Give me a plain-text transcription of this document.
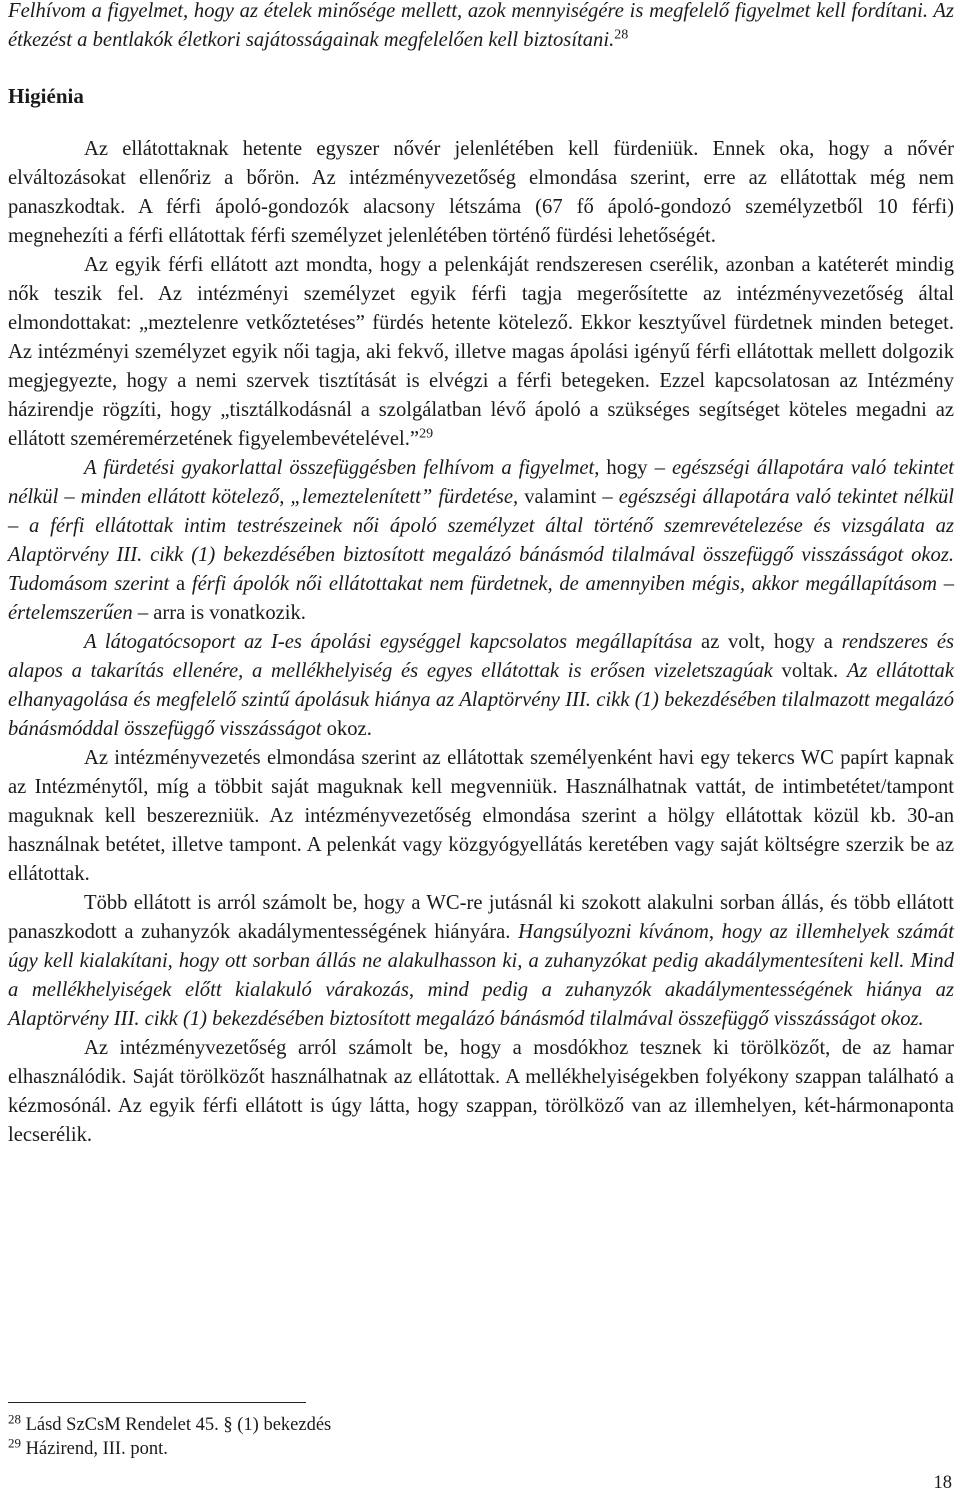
Felhívom a figyelmet, hogy az ételek minősége mellett, azok mennyiségére is megfelelő figyelmet kell fordítani. Az étkezést a bentlakók életkori sajátosságainak megfelelően kell biztosítani.$^{28}$

Higiénia

Az ellátottaknak hetente egyszer nővér jelenlétében kell fürdeniük. Ennek oka, hogy a nővér elváltozásokat ellenőriz a bőrön. Az intézményvezetőség elmondása szerint, erre az ellátottak még nem panaszkodtak. A férfi ápoló-gondozók alacsony létszáma (67 fő ápoló-gondozó személyzetből 10 férfi) megnehezíti a férfi ellátottak férfi személyzet jelenlétében történő fürdési lehetőségét.

Az egyik férfi ellátott azt mondta, hogy a pelenkáját rendszeresen cserélik, azonban a katéterét mindig nők teszik fel. Az intézményi személyzet egyik férfi tagja megerősítette az intézményvezetőség által elmondottakat: „meztelenre vetkőztetéses” fürdés hetente kötelező. Ekkor kesztyűvel fürdetnek minden beteget. Az intézményi személyzet egyik női tagja, aki fekvő, illetve magas ápolási igényű férfi ellátottak mellett dolgozik megjegyezte, hogy a nemi szervek tisztítását is elvégzi a férfi betegeken. Ezzel kapcsolatosan az Intézmény házirendje rögzíti, hogy „tisztálkodásnál a szolgálatban lévő ápoló a szükséges segítséget köteles megadni az ellátott szeméremérzetének figyelembevételével.”$^{29}$

A fürdetési gyakorlattal összefüggésben felhívom a figyelmet, hogy – egészségi állapotára való tekintet nélkül – minden ellátott kötelező, „lemeztelenített” fürdetése, valamint – egészségi állapotára való tekintet nélkül – a férfi ellátottak intim testrészeinek női ápoló személyzet által történő szemrevételezése és vizsgálata az Alaptörvény III. cikk (1) bekezdésében biztosított megalázó bánásmód tilalmával összefüggő visszásságot okoz. Tudomásom szerint a férfi ápolók női ellátottakat nem fürdetnek, de amennyiben mégis, akkor megállapításom – értelemszerűen – arra is vonatkozik.

A látogatócsoport az I-es ápolási egységgel kapcsolatos megállapítása az volt, hogy a rendszeres és alapos a takarítás ellenére, a mellékhelyiség és egyes ellátottak is erősen vizeletszagúak voltak. Az ellátottak elhanyagolása és megfelelő szintű ápolásuk hiánya az Alaptörvény III. cikk (1) bekezdésében tilalmazott megalázó bánásmóddal összefüggő visszásságot okoz.

Az intézményvezetés elmondása szerint az ellátottak személyenként havi egy tekercs WC papírt kapnak az Intézménytől, míg a többit saját maguknak kell megvenniük. Használhatnak vattát, de intimbetétet/tampont maguknak kell beszerezniük. Az intézményvezetőség elmondása szerint a hölgy ellátottak közül kb. 30-an használnak betétet, illetve tampont. A pelenkát vagy közgyógyellátás keretében vagy saját költségre szerzik be az ellátottak.

Több ellátott is arról számolt be, hogy a WC-re jutásnál ki szokott alakulni sorban állás, és több ellátott panaszkodott a zuhanyzók akadálymentességének hiányára. Hangsúlyozni kívánom, hogy az illemhelyek számát úgy kell kialakítani, hogy ott sorban állás ne alakulhasson ki, a zuhanyzókat pedig akadálymentesíteni kell. Mind a mellékhelyiségek előtt kialakuló várakozás, mind pedig a zuhanyzók akadálymentességének hiánya az Alaptörvény III. cikk (1) bekezdésében biztosított megalázó bánásmód tilalmával összefüggő visszásságot okoz.

Az intézményvezetőség arról számolt be, hogy a mosdókhoz tesznek ki törölközőt, de az hamar elhasználódik. Saját törölközőt használhatnak az ellátottak. A mellékhelyiségekben folyékony szappan található a kézmosónál. Az egyik férfi ellátott is úgy látta, hogy szappan, törölköző van az illemhelyen, két-hármonaponta lecserélik.

$^{28}$ Lásd SzCsM Rendelet 45. § (1) bekezdés
$^{29}$ Házirend, III. pont.
18
